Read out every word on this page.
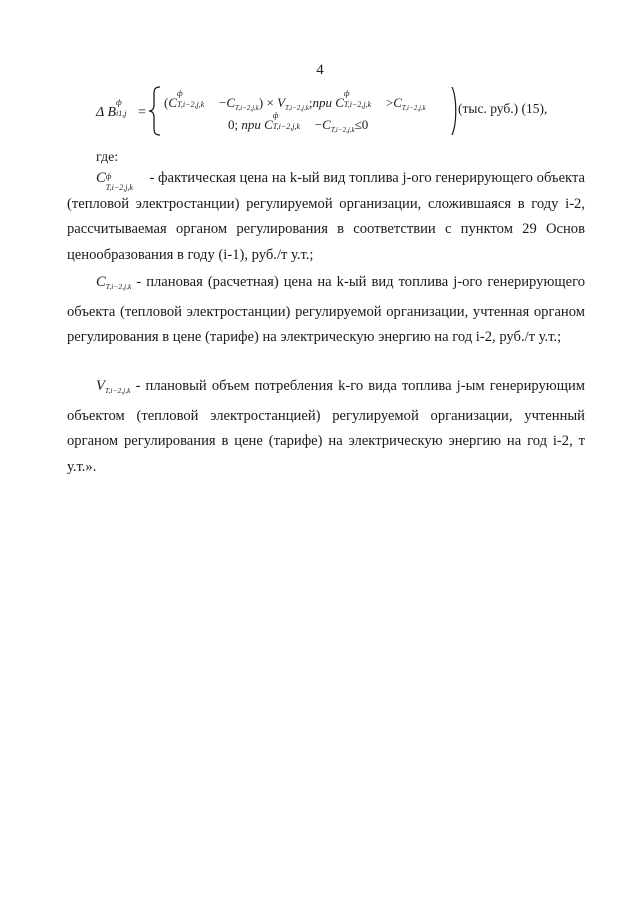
4
Δ B
ф
i1,j =
(C
ф
$T,i-2,j,k -C_{T,i-2,j,k}$) × $V_{T,i-2,j,k};при$ C
ф
$T,i-2,j,k >C_{T,i-2,j,k}$
0; при C
ф
$T,i-2,j,k -C_{T,i-2,j,k}\le 0$
(тыс. руб.) (15),
где:
C ф
T,i−2,j,k
- фактическая цена на k-ый вид топлива j-ого генерирующего объекта (тепловой электростанции) регулируемой организации, сложившаяся в году i-2, рассчитываемая органом регулирования в соответствии с пунктом 29 Основ ценообразования в году (i-1), руб./т у.т.;
$C_{T,i-2,j,k}$ - плановая (расчетная) цена на k-ый вид топлива j-ого генерирующего объекта (тепловой электростанции) регулируемой организации, учтенная органом регулирования в цене (тарифе) на электрическую энергию на год i-2, руб./т у.т.;
$V_{T,i-2,j,k}$ - плановый объем потребления k-го вида топлива j-ым генерирующим объектом (тепловой электростанцией) регулируемой организации, учтенный органом регулирования в цене (тарифе) на электрическую энергию на год i-2, т у.т.».
